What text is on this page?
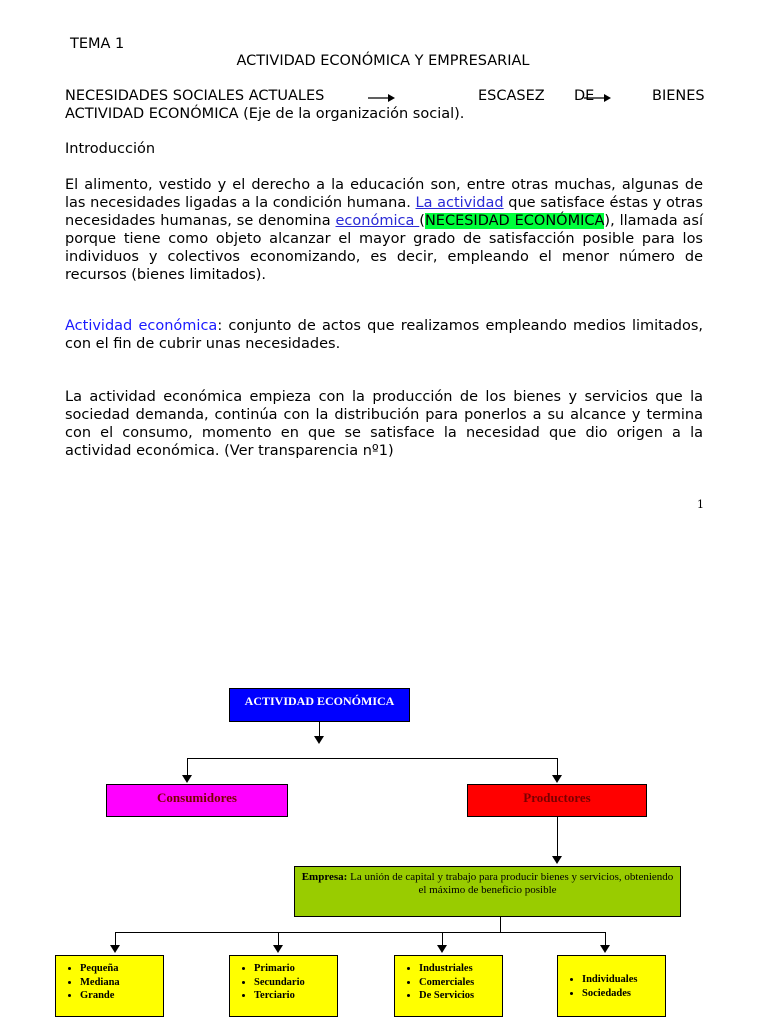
TEMA 1
ACTIVIDAD ECONÓMICA Y EMPRESARIAL
NECESIDADES SOCIALES ACTUALES	ESCASEZ DE	BIENES
ACTIVIDAD ECONÓMICA (Eje de la organización social).
Introducción
El alimento, vestido y el derecho a la educación son, entre otras muchas, algunas de las necesidades ligadas a la condición humana. La actividad que satisface éstas y otras necesidades humanas, se denomina económica (NECESIDAD ECONÓMICA), llamada así porque tiene como objeto alcanzar el mayor grado de satisfacción posible para los individuos y colectivos economizando, es decir, empleando el menor número de recursos (bienes limitados).
Actividad económica: conjunto de actos que realizamos empleando medios limitados, con el fin de cubrir unas necesidades.
La actividad económica empieza con la producción de los bienes y servicios que la sociedad demanda, continúa con la distribución para ponerlos a su alcance y termina con el consumo, momento en que se satisface la necesidad que dio origen a la actividad económica. (Ver transparencia nº1)
1
ACTIVIDAD ECONÓMICA
Consumidores	Productores
Empresa: La unión de capital y trabajo para producir bienes y servicios, obteniendo el máximo de beneficio posible
• Pequeña
• Mediana
• Grande
• Primario
• Secundario
• Terciario
• Industriales
• Comerciales
• De Servicios
• Individuales
• Sociedades
